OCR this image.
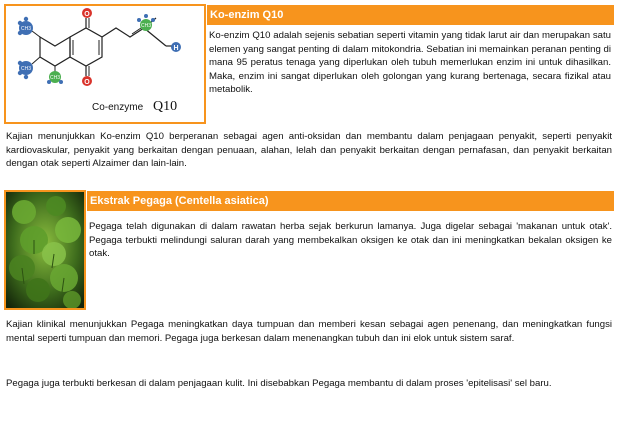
O
O
H
CH3
CH3
CH3
CH3
Co-enzyme Q10
Ko-enzim Q10

Ko-enzim Q10 adalah sejenis sebatian seperti vitamin yang tidak larut air dan merupakan satu elemen yang sangat penting di dalam mitokondria. Sebatian ini memainkan peranan penting di mana 95 peratus tenaga yang diperlukan oleh tubuh memerlukan enzim ini untuk dihasilkan. Maka, enzim ini sangat diperlukan oleh golongan yang kurang bertenaga, secara fizikal atau metabolik.

Kajian menunjukkan Ko-enzim Q10 berperanan sebagai agen anti-oksidan dan membantu dalam penjagaan penyakit, seperti penyakit kardiovaskular, penyakit yang berkaitan dengan penuaan, alahan, lelah dan penyakit berkaitan dengan pernafasan, dan penyakit berkaitan dengan otak seperti Alzaimer dan lain-lain.

Ekstrak Pegaga (Centella asiatica)

Pegaga telah digunakan di dalam rawatan herba sejak berkurun lamanya. Juga digelar sebagai 'makanan untuk otak'. Pegaga terbukti melindungi saluran darah yang membekalkan oksigen ke otak dan ini meningkatkan bekalan oksigen ke otak.

Kajian klinikal menunjukkan Pegaga meningkatkan daya tumpuan dan memberi kesan sebagai agen penenang, dan meningkatkan fungsi mental seperti tumpuan dan memori. Pegaga juga berkesan dalam menenangkan tubuh dan ini elok untuk sistem saraf.

Pegaga juga terbukti berkesan di dalam penjagaan kulit. Ini disebabkan Pegaga membantu di dalam proses 'epitelisasi' sel baru.
